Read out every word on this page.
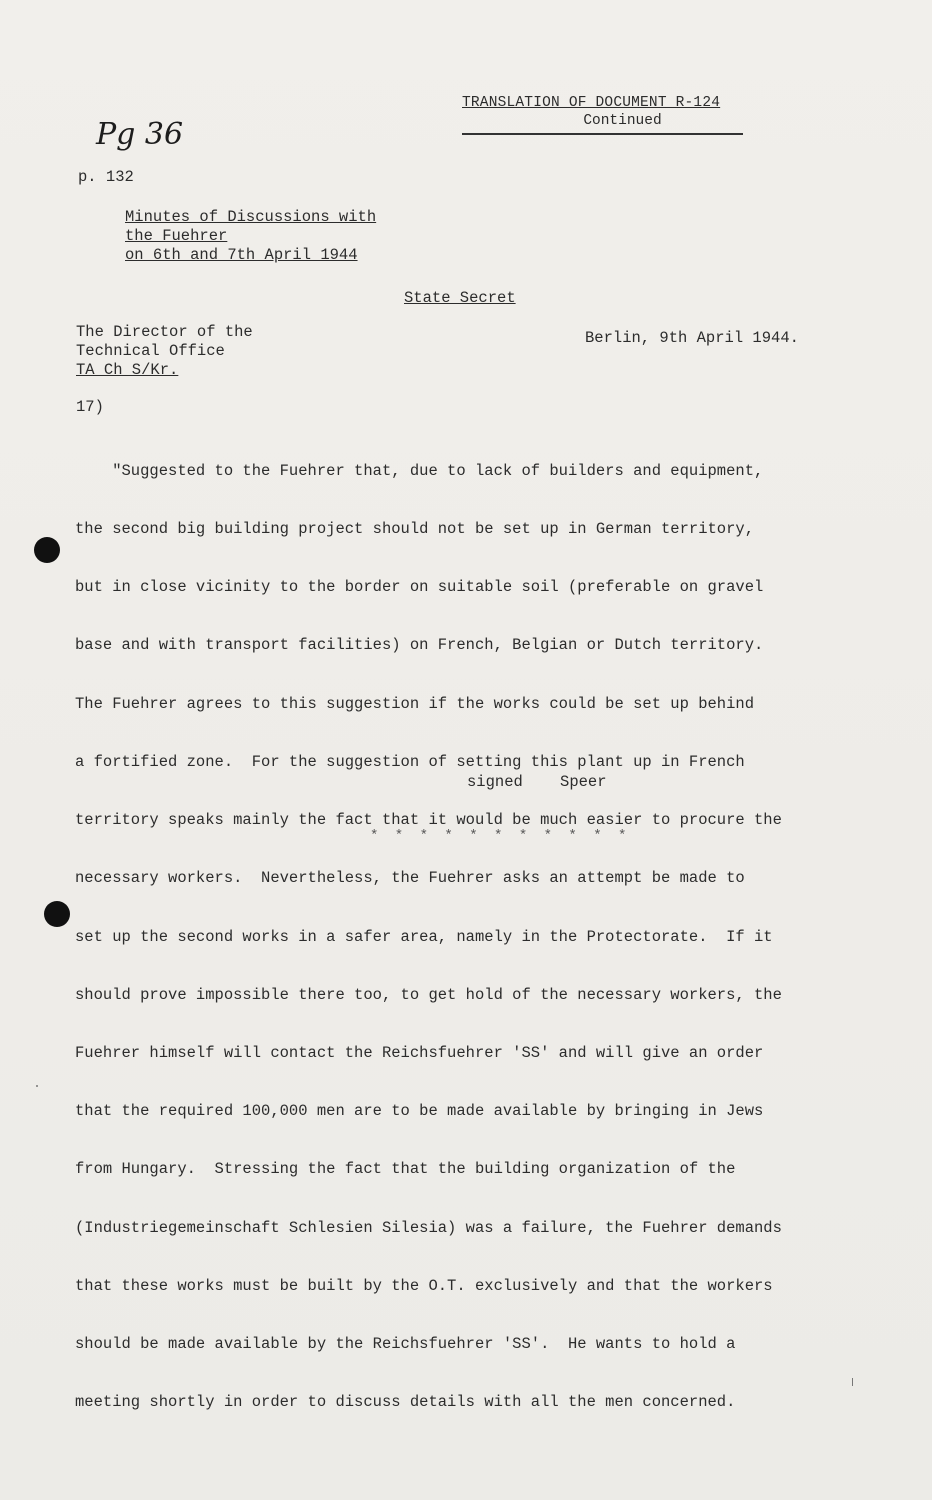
TRANSLATION OF DOCUMENT R-124
Continued
Pg 36
p. 132
Minutes of Discussions with
the Fuehrer
on 6th and 7th April 1944
State Secret
The Director of the
Technical Office
TA Ch S/Kr.
Berlin, 9th April 1944.
17)

"Suggested to the Fuehrer that, due to lack of builders and equipment,

the second big building project should not be set up in German territory,

but in close vicinity to the border on suitable soil (preferable on gravel

base and with transport facilities) on French, Belgian or Dutch territory.

The Fuehrer agrees to this suggestion if the works could be set up behind

a fortified zone.  For the suggestion of setting this plant up in French

territory speaks mainly the fact that it would be much easier to procure the

necessary workers.  Nevertheless, the Fuehrer asks an attempt be made to

set up the second works in a safer area, namely in the Protectorate.  If it

should prove impossible there too, to get hold of the necessary workers, the

Fuehrer himself will contact the Reichsfuehrer 'SS' and will give an order

that the required 100,000 men are to be made available by bringing in Jews

from Hungary.  Stressing the fact that the building organization of the

(Industriegemeinschaft Schlesien Silesia) was a failure, the Fuehrer demands

that these works must be built by the O.T. exclusively and that the workers

should be made available by the Reichsfuehrer 'SS'.  He wants to hold a

meeting shortly in order to discuss details with all the men concerned.

signed    Speer
* * * * * * * * * * *
